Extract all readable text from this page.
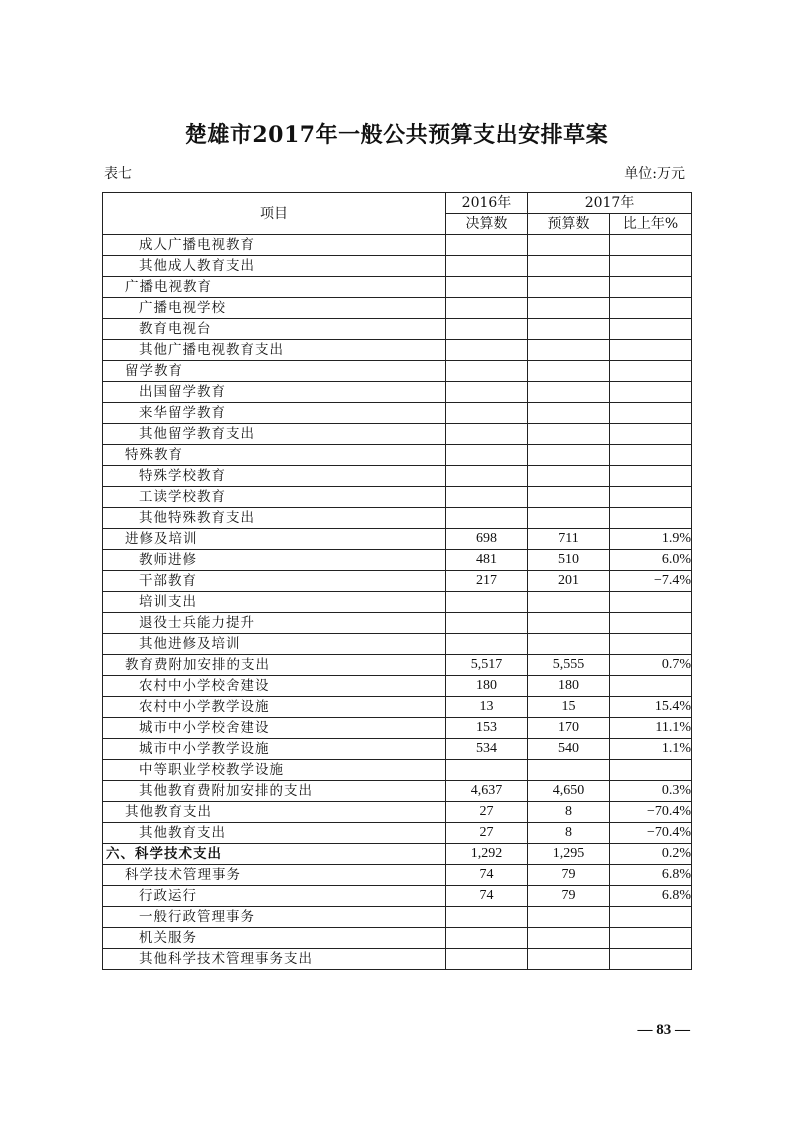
楚雄市2017年一般公共预算支出安排草案
表七	单位:万元
项目	2016年	2017年	
	决算数	预算数	比上年%
成人广播电视教育			
其他成人教育支出			
广播电视教育			
广播电视学校			
教育电视台			
其他广播电视教育支出			
留学教育			
出国留学教育			
来华留学教育			
其他留学教育支出			
特殊教育			
特殊学校教育			
工读学校教育			
其他特殊教育支出			
进修及培训	698	711	1.9%
教师进修	481	510	6.0%
干部教育	217	201	−7.4%
培训支出			
退役士兵能力提升			
其他进修及培训			
教育费附加安排的支出	5,517	5,555	0.7%
农村中小学校舍建设	180	180	
农村中小学教学设施	13	15	15.4%
城市中小学校舍建设	153	170	11.1%
城市中小学教学设施	534	540	1.1%
中等职业学校教学设施			
其他教育费附加安排的支出	4,637	4,650	0.3%
其他教育支出	27	8	−70.4%
其他教育支出	27	8	−70.4%
六、科学技术支出	1,292	1,295	0.2%
科学技术管理事务	74	79	6.8%
行政运行	74	79	6.8%
一般行政管理事务			
机关服务			
其他科学技术管理事务支出			
— 83 —
